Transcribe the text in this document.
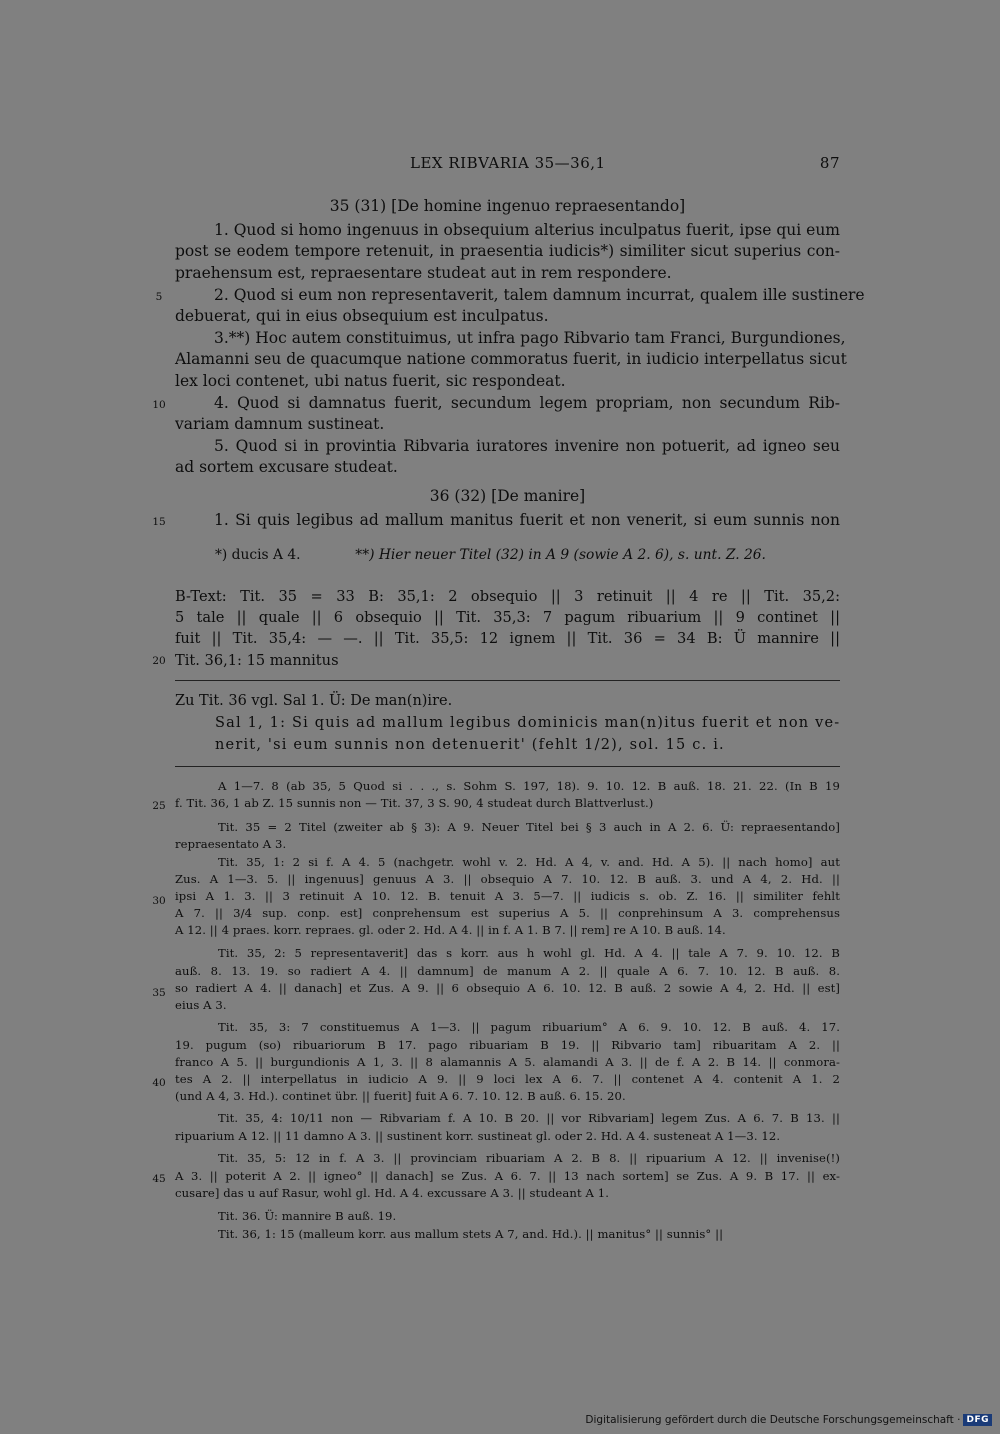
LEX RIBVARIA 35—36,1	87
35 (31) [De homine ingenuo repraesentando]
1. Quod si homo ingenuus in obsequium alterius inculpatus fuerit, ipse qui eum
post se eodem tempore retenuit, in praesentia iudicis*) similiter sicut superius con-
praehensum est, repraesentare studeat aut in rem respondere.
2. Quod si eum non representaverit, talem damnum incurrat, qualem ille sustinere
debuerat, qui in eius obsequium est inculpatus.
3.**) Hoc autem constituimus, ut infra pago Ribvario tam Franci, Burgundiones,
Alamanni seu de quacumque natione commoratus fuerit, in iudicio interpellatus sicut
lex loci contenet, ubi natus fuerit, sic respondeat.
4. Quod si damnatus fuerit, secundum legem propriam, non secundum Rib-
variam damnum sustineat.
5. Quod si in provintia Ribvaria iuratores invenire non potuerit, ad igneo seu
ad sortem excusare studeat.
36 (32) [De manire]
1. Si quis legibus ad mallum manitus fuerit et non venerit, si eum sunnis non
5
10
15
*) ducis A 4.	**) Hier neuer Titel (32) in A 9 (sowie A 2. 6), s. unt. Z. 26.
B-Text: Tit. 35 = 33 B: 35,1: 2 obsequio || 3 retinuit || 4 re || Tit. 35,2:
5 tale || quale || 6 obsequio || Tit. 35,3: 7 pagum ribuarium || 9 continet ||
fuit || Tit. 35,4: — —. || Tit. 35,5: 12 ignem || Tit. 36 = 34 B: Ü mannire ||
Tit. 36,1: 15 mannitus
20
Zu Tit. 36 vgl. Sal 1. Ü: De man(n)ire.
Sal 1, 1: Si quis ad mallum legibus dominicis man(n)itus fuerit et non ve-
nerit, 'si eum sunnis non detenuerit' (fehlt 1/2), sol. 15 c. i.
A 1—7. 8 (ab 35, 5 Quod si . . ., s. Sohm S. 197, 18). 9. 10. 12. B auß. 18. 21. 22. (In B 19
f. Tit. 36, 1 ab Z. 15 sunnis non — Tit. 37, 3 S. 90, 4 studeat durch Blattverlust.)
Tit. 35 = 2 Titel (zweiter ab § 3): A 9. Neuer Titel bei § 3 auch in A 2. 6. Ü: repraesentando]
repraesentato A 3.
Tit. 35, 1: 2 si f. A 4. 5 (nachgetr. wohl v. 2. Hd. A 4, v. and. Hd. A 5). || nach homo] aut
Zus. A 1—3. 5. || ingenuus] genuus A 3. || obsequio A 7. 10. 12. B auß. 3. und A 4, 2. Hd. ||
ipsi A 1. 3. || 3 retinuit A 10. 12. B. tenuit A 3. 5—7. || iudicis s. ob. Z. 16. || similiter fehlt
A 7. || 3/4 sup. conp. est] conprehensum est superius A 5. || conprehinsum A 3. comprehensus
A 12. || 4 praes. korr. repraes. gl. oder 2. Hd. A 4. || in f. A 1. B 7. || rem] re A 10. B auß. 14.
Tit. 35, 2: 5 representaverit] das s korr. aus h wohl gl. Hd. A 4. || tale A 7. 9. 10. 12. B
auß. 8. 13. 19. so radiert A 4. || damnum] de manum A 2. || quale A 6. 7. 10. 12. B auß. 8.
so radiert A 4. || danach] et Zus. A 9. || 6 obsequio A 6. 10. 12. B auß. 2 sowie A 4, 2. Hd. || est]
eius A 3.
Tit. 35, 3: 7 constituemus A 1—3. || pagum ribuarium° A 6. 9. 10. 12. B auß. 4. 17.
19. pugum (so) ribuariorum B 17. pago ribuariam B 19. || Ribvario tam] ribuaritam A 2. ||
franco A 5. || burgundionis A 1, 3. || 8 alamannis A 5. alamandi A 3. || de f. A 2. B 14. || conmora-
tes A 2. || interpellatus in iudicio A 9. || 9 loci lex A 6. 7. || contenet A 4. contenit A 1. 2
(und A 4, 3. Hd.). continet übr. || fuerit] fuit A 6. 7. 10. 12. B auß. 6. 15. 20.
Tit. 35, 4: 10/11 non — Ribvariam f. A 10. B 20. || vor Ribvariam] legem Zus. A 6. 7. B 13. ||
ripuarium A 12. || 11 damno A 3. || sustinent korr. sustineat gl. oder 2. Hd. A 4. susteneat A 1—3. 12.
Tit. 35, 5: 12 in f. A 3. || provinciam ribuariam A 2. B 8. || ripuarium A 12. || invenise(!)
A 3. || poterit A 2. || igneo° || danach] se Zus. A 6. 7. || 13 nach sortem] se Zus. A 9. B 17. || ex-
cusare] das u auf Rasur, wohl gl. Hd. A 4. excussare A 3. || studeant A 1.
Tit. 36. Ü: mannire B auß. 19.
Tit. 36, 1: 15 (malleum korr. aus mallum stets A 7, and. Hd.). || manitus° || sunnis° ||
25
30
35
40
45
Digitalisierung gefördert durch die Deutsche Forschungsgemeinschaft · DFG
